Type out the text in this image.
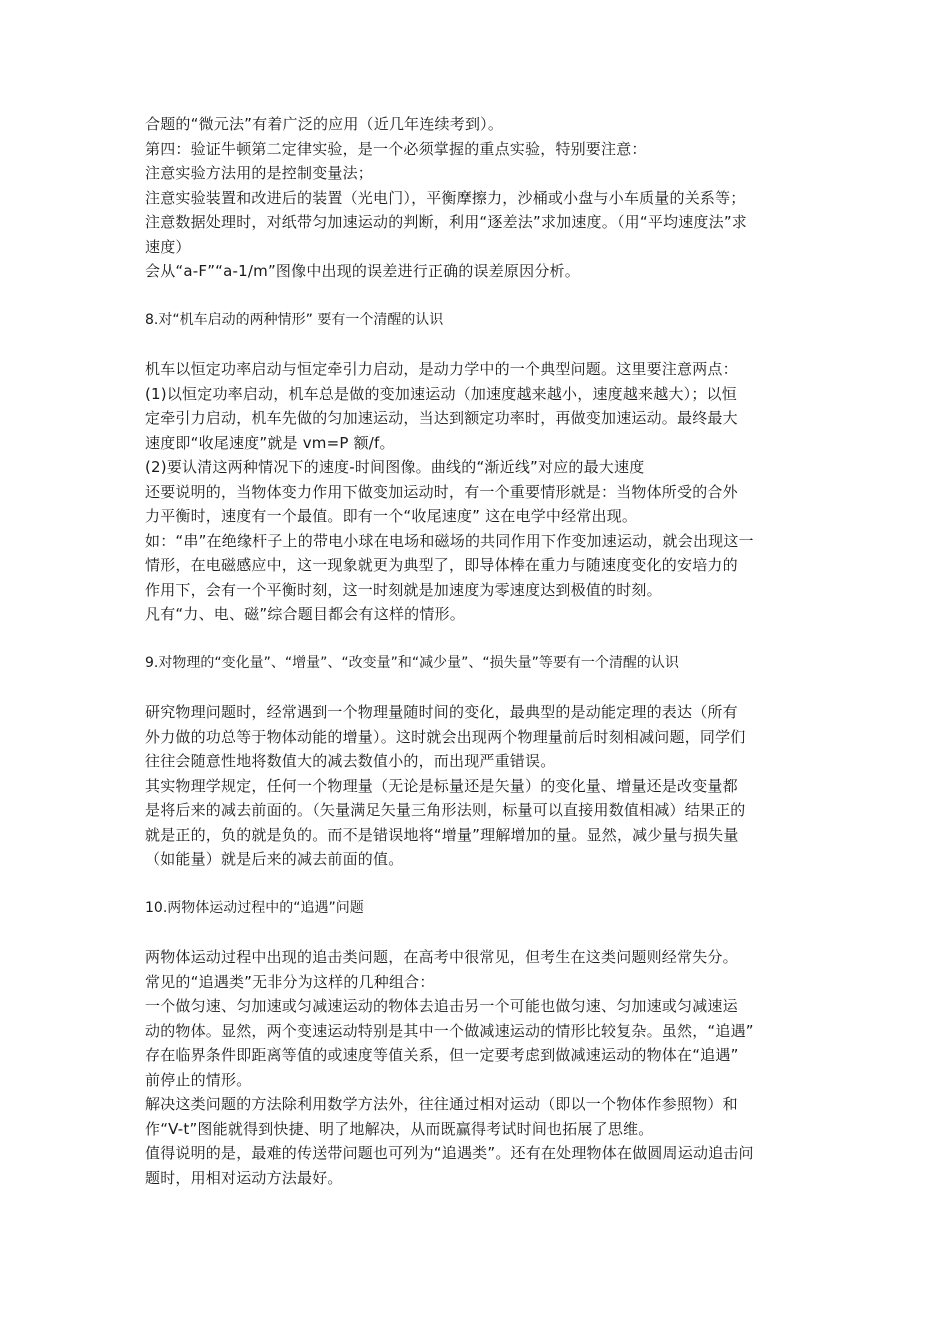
合题的“微元法”有着广泛的应用（近几年连续考到）。
第四：验证牛顿第二定律实验，是一个必须掌握的重点实验，特别要注意：
注意实验方法用的是控制变量法；
注意实验装置和改进后的装置（光电门），平衡摩擦力，沙桶或小盘与小车质量的关系等；
注意数据处理时，对纸带匀加速运动的判断，利用“逐差法”求加速度。（用“平均速度法”求
速度）
会从“a-F”“a-1/m”图像中出现的误差进行正确的误差原因分析。
8.对“机车启动的两种情形” 要有一个清醒的认识
机车以恒定功率启动与恒定牵引力启动，是动力学中的一个典型问题。这里要注意两点：
(1)以恒定功率启动，机车总是做的变加速运动（加速度越来越小，速度越来越大）；以恒
定牵引力启动，机车先做的匀加速运动，当达到额定功率时，再做变加速运动。最终最大
速度即“收尾速度”就是 vm=P 额/f。
(2)要认清这两种情况下的速度-时间图像。曲线的“渐近线”对应的最大速度
还要说明的，当物体变力作用下做变加运动时，有一个重要情形就是：当物体所受的合外
力平衡时，速度有一个最值。即有一个“收尾速度” 这在电学中经常出现。
如：“串”在绝缘杆子上的带电小球在电场和磁场的共同作用下作变加速运动，就会出现这一
情形，在电磁感应中，这一现象就更为典型了，即导体棒在重力与随速度变化的安培力的
作用下，会有一个平衡时刻，这一时刻就是加速度为零速度达到极值的时刻。
凡有“力、电、磁”综合题目都会有这样的情形。
9.对物理的“变化量”、“增量”、“改变量”和“减少量”、“损失量”等要有一个清醒的认识
研究物理问题时，经常遇到一个物理量随时间的变化，最典型的是动能定理的表达（所有
外力做的功总等于物体动能的增量）。这时就会出现两个物理量前后时刻相减问题，同学们
往往会随意性地将数值大的减去数值小的，而出现严重错误。
其实物理学规定，任何一个物理量（无论是标量还是矢量）的变化量、增量还是改变量都
是将后来的减去前面的。（矢量满足矢量三角形法则，标量可以直接用数值相减）结果正的
就是正的，负的就是负的。而不是错误地将“增量”理解增加的量。显然，减少量与损失量
（如能量）就是后来的减去前面的值。
10.两物体运动过程中的“追遇”问题
两物体运动过程中出现的追击类问题，在高考中很常见，但考生在这类问题则经常失分。
常见的“追遇类”无非分为这样的几种组合：
一个做匀速、匀加速或匀减速运动的物体去追击另一个可能也做匀速、匀加速或匀减速运
动的物体。显然，两个变速运动特别是其中一个做减速运动的情形比较复杂。虽然，“追遇”
存在临界条件即距离等值的或速度等值关系，但一定要考虑到做减速运动的物体在“追遇”
前停止的情形。
解决这类问题的方法除利用数学方法外，往往通过相对运动（即以一个物体作参照物）和
作“V-t”图能就得到快捷、明了地解决，从而既赢得考试时间也拓展了思维。
值得说明的是，最难的传送带问题也可列为“追遇类”。还有在处理物体在做圆周运动追击问
题时，用相对运动方法最好。
